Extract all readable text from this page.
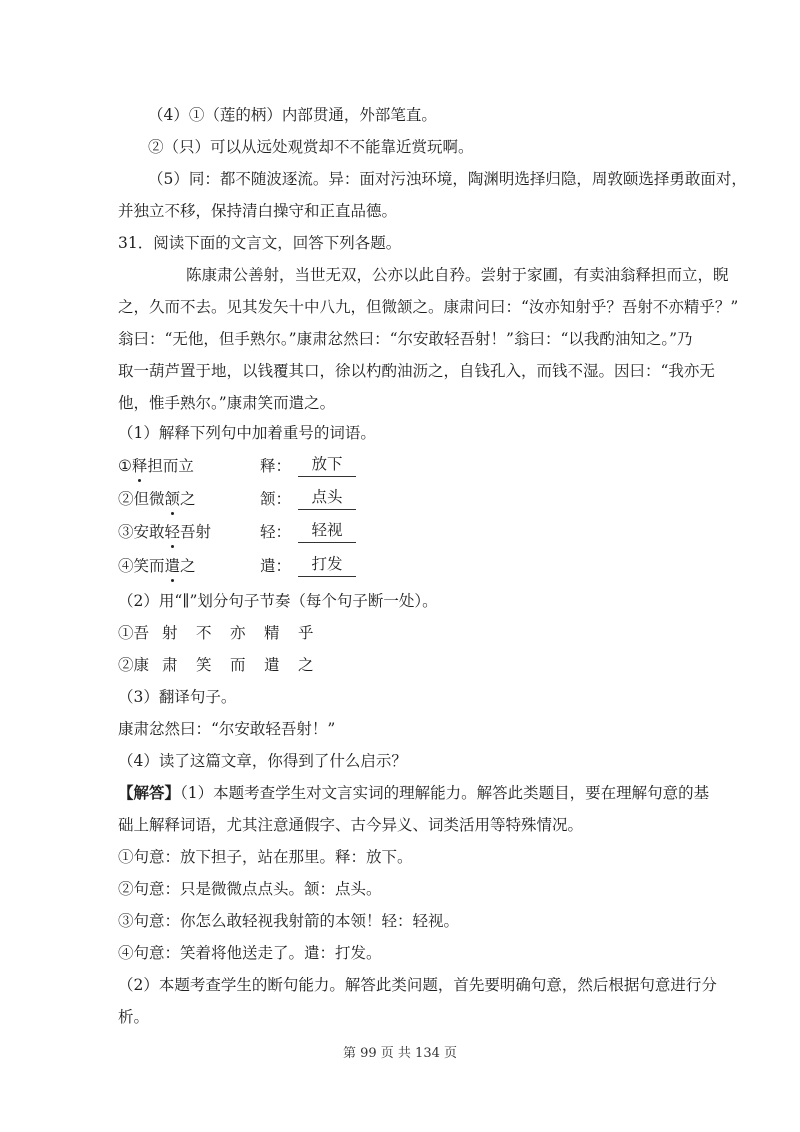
（4）①（莲的柄）内部贯通，外部笔直。
②（只）可以从远处观赏却不不能靠近赏玩啊。
（5）同：都不随波逐流。异：面对污浊环境，陶渊明选择归隐，周敦颐选择勇敢面对，
并独立不移，保持清白操守和正直品德。
31．阅读下面的文言文，回答下列各题。
陈康肃公善射，当世无双，公亦以此自矜。尝射于家圃，有卖油翁释担而立，睨
之，久而不去。见其发矢十中八九，但微颔之。康肃问曰：“汝亦知射乎？吾射不亦精乎？”
翁曰：“无他，但手熟尔。”康肃忿然曰：“尔安敢轻吾射！”翁曰：“以我酌油知之。”乃
取一葫芦置于地，以钱覆其口，徐以杓酌油沥之，自钱孔入，而钱不湿。因曰：“我亦无
他，惟手熟尔。”康肃笑而遣之。
（1）解释下列句中加着重号的词语。
①释担而立	释：	放下
②但微颔之	颔：	点头
③安敢轻吾射	轻：	轻视
④笑而遣之	遣：	打发
（2）用“∥”划分句子节奏（每个句子断一处）。
①吾 射 不 亦 精 乎
②康 肃 笑 而 遣 之
（3）翻译句子。
康肃忿然曰：“尔安敢轻吾射！”
（4）读了这篇文章，你得到了什么启示？
【解答】（1）本题考查学生对文言实词的理解能力。解答此类题目，要在理解句意的基
础上解释词语，尤其注意通假字、古今异义、词类活用等特殊情况。
①句意：放下担子，站在那里。释：放下。
②句意：只是微微点点头。颔：点头。
③句意：你怎么敢轻视我射箭的本领！轻：轻视。
④句意：笑着将他送走了。遣：打发。
（2）本题考查学生的断句能力。解答此类问题，首先要明确句意，然后根据句意进行分
析。
第 99 页 共 134 页
